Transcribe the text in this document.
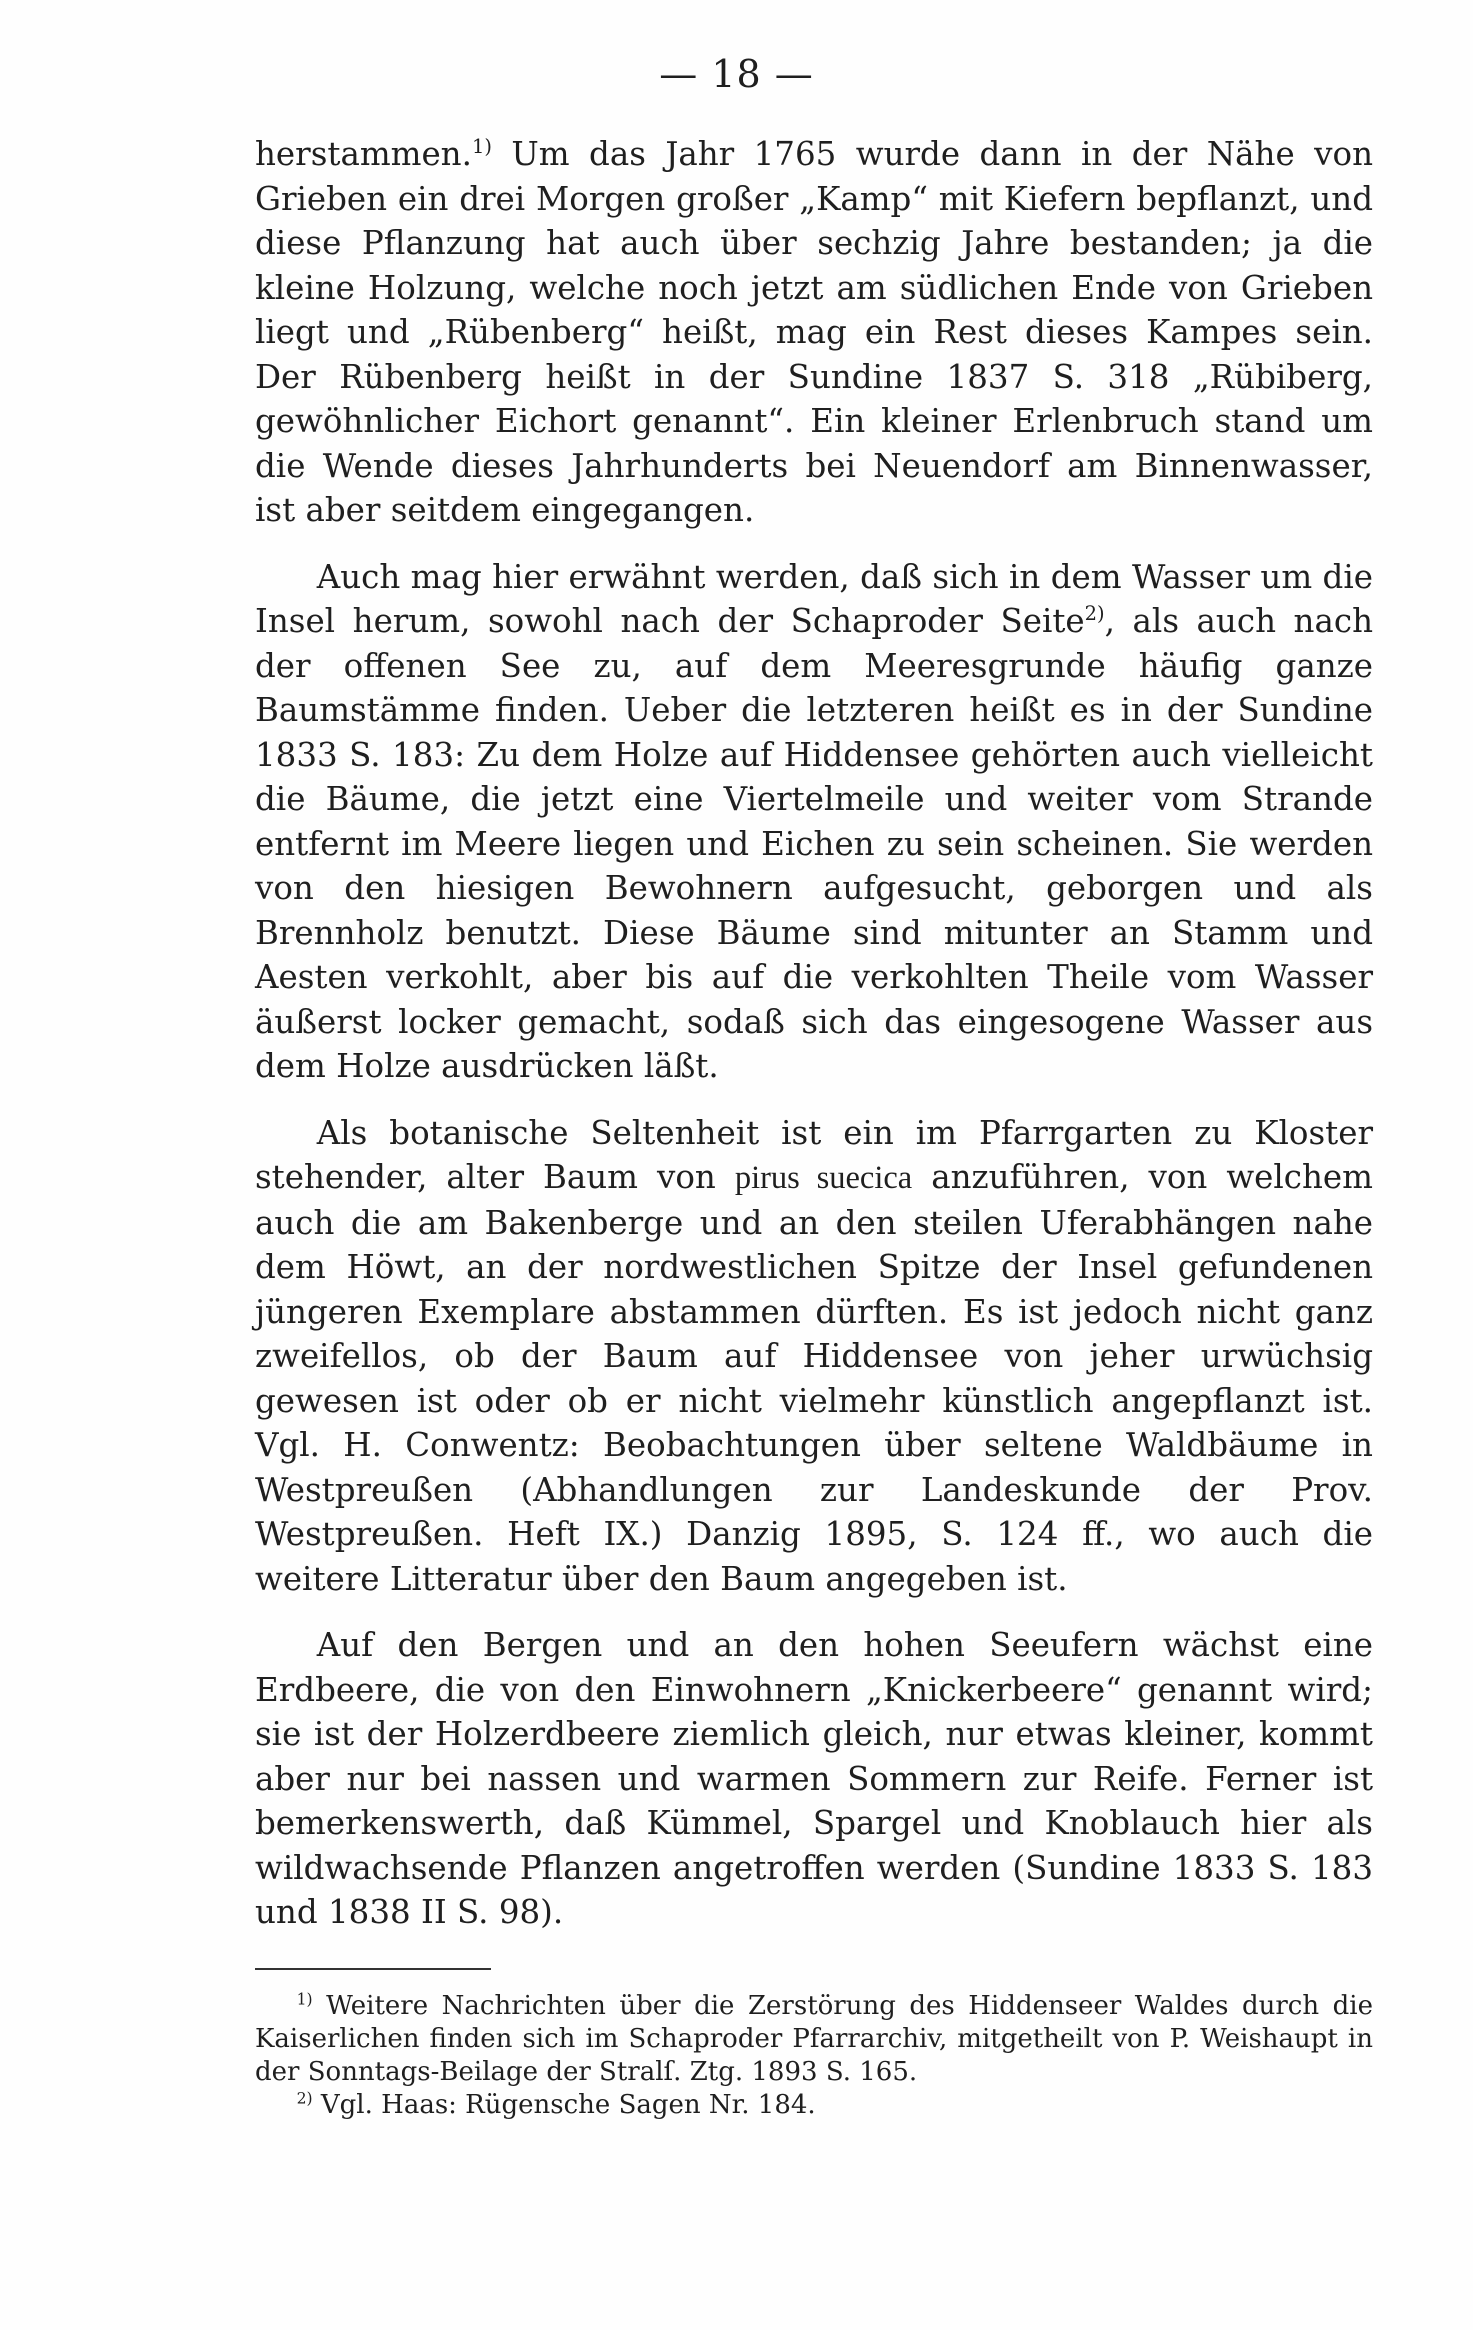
— 18 —

herstammen.$^{1)}$ Um das Jahr 1765 wurde dann in der Nähe von Grieben ein drei Morgen großer „Kamp“ mit Kiefern bepflanzt, und diese Pflanzung hat auch über sechzig Jahre bestanden; ja die kleine Holzung, welche noch jetzt am südlichen Ende von Grieben liegt und „Rübenberg“ heißt, mag ein Rest dieses Kampes sein. Der Rübenberg heißt in der Sundine 1837 S. 318 „Rübiberg, gewöhnlicher Eichort genannt“. Ein kleiner Erlenbruch stand um die Wende dieses Jahrhunderts bei Neuendorf am Binnenwasser, ist aber seitdem eingegangen.

Auch mag hier erwähnt werden, daß sich in dem Wasser um die Insel herum, sowohl nach der Schaproder Seite$^{2)}$, als auch nach der offenen See zu, auf dem Meeresgrunde häufig ganze Baumstämme finden. Ueber die letzteren heißt es in der Sundine 1833 S. 183: Zu dem Holze auf Hiddensee gehörten auch vielleicht die Bäume, die jetzt eine Viertelmeile und weiter vom Strande entfernt im Meere liegen und Eichen zu sein scheinen. Sie werden von den hiesigen Bewohnern aufgesucht, geborgen und als Brennholz benutzt. Diese Bäume sind mitunter an Stamm und Aesten verkohlt, aber bis auf die verkohlten Theile vom Wasser äußerst locker gemacht, sodaß sich das eingesogene Wasser aus dem Holze ausdrücken läßt.

Als botanische Seltenheit ist ein im Pfarrgarten zu Kloster stehender, alter Baum von pirus suecica anzuführen, von welchem auch die am Bakenberge und an den steilen Uferabhängen nahe dem Höwt, an der nordwestlichen Spitze der Insel gefundenen jüngeren Exemplare abstammen dürften. Es ist jedoch nicht ganz zweifellos, ob der Baum auf Hiddensee von jeher urwüchsig gewesen ist oder ob er nicht vielmehr künstlich angepflanzt ist. Vgl. H. Conwentz: Beobachtungen über seltene Waldbäume in Westpreußen (Abhandlungen zur Landeskunde der Prov. Westpreußen. Heft IX.) Danzig 1895, S. 124 ff., wo auch die weitere Litteratur über den Baum angegeben ist.

Auf den Bergen und an den hohen Seeufern wächst eine Erdbeere, die von den Einwohnern „Knickerbeere“ genannt wird; sie ist der Holzerdbeere ziemlich gleich, nur etwas kleiner, kommt aber nur bei nassen und warmen Sommern zur Reife. Ferner ist bemerkenswerth, daß Kümmel, Spargel und Knoblauch hier als wildwachsende Pflanzen angetroffen werden (Sundine 1833 S. 183 und 1838 II S. 98).

$^{1)}$ Weitere Nachrichten über die Zerstörung des Hiddenseer Waldes durch die Kaiserlichen finden sich im Schaproder Pfarrarchiv, mitgetheilt von P. Weishaupt in der Sonntags-Beilage der Stralſ. Ztg. 1893 S. 165.

$^{2)}$ Vgl. Haas: Rügensche Sagen Nr. 184.
